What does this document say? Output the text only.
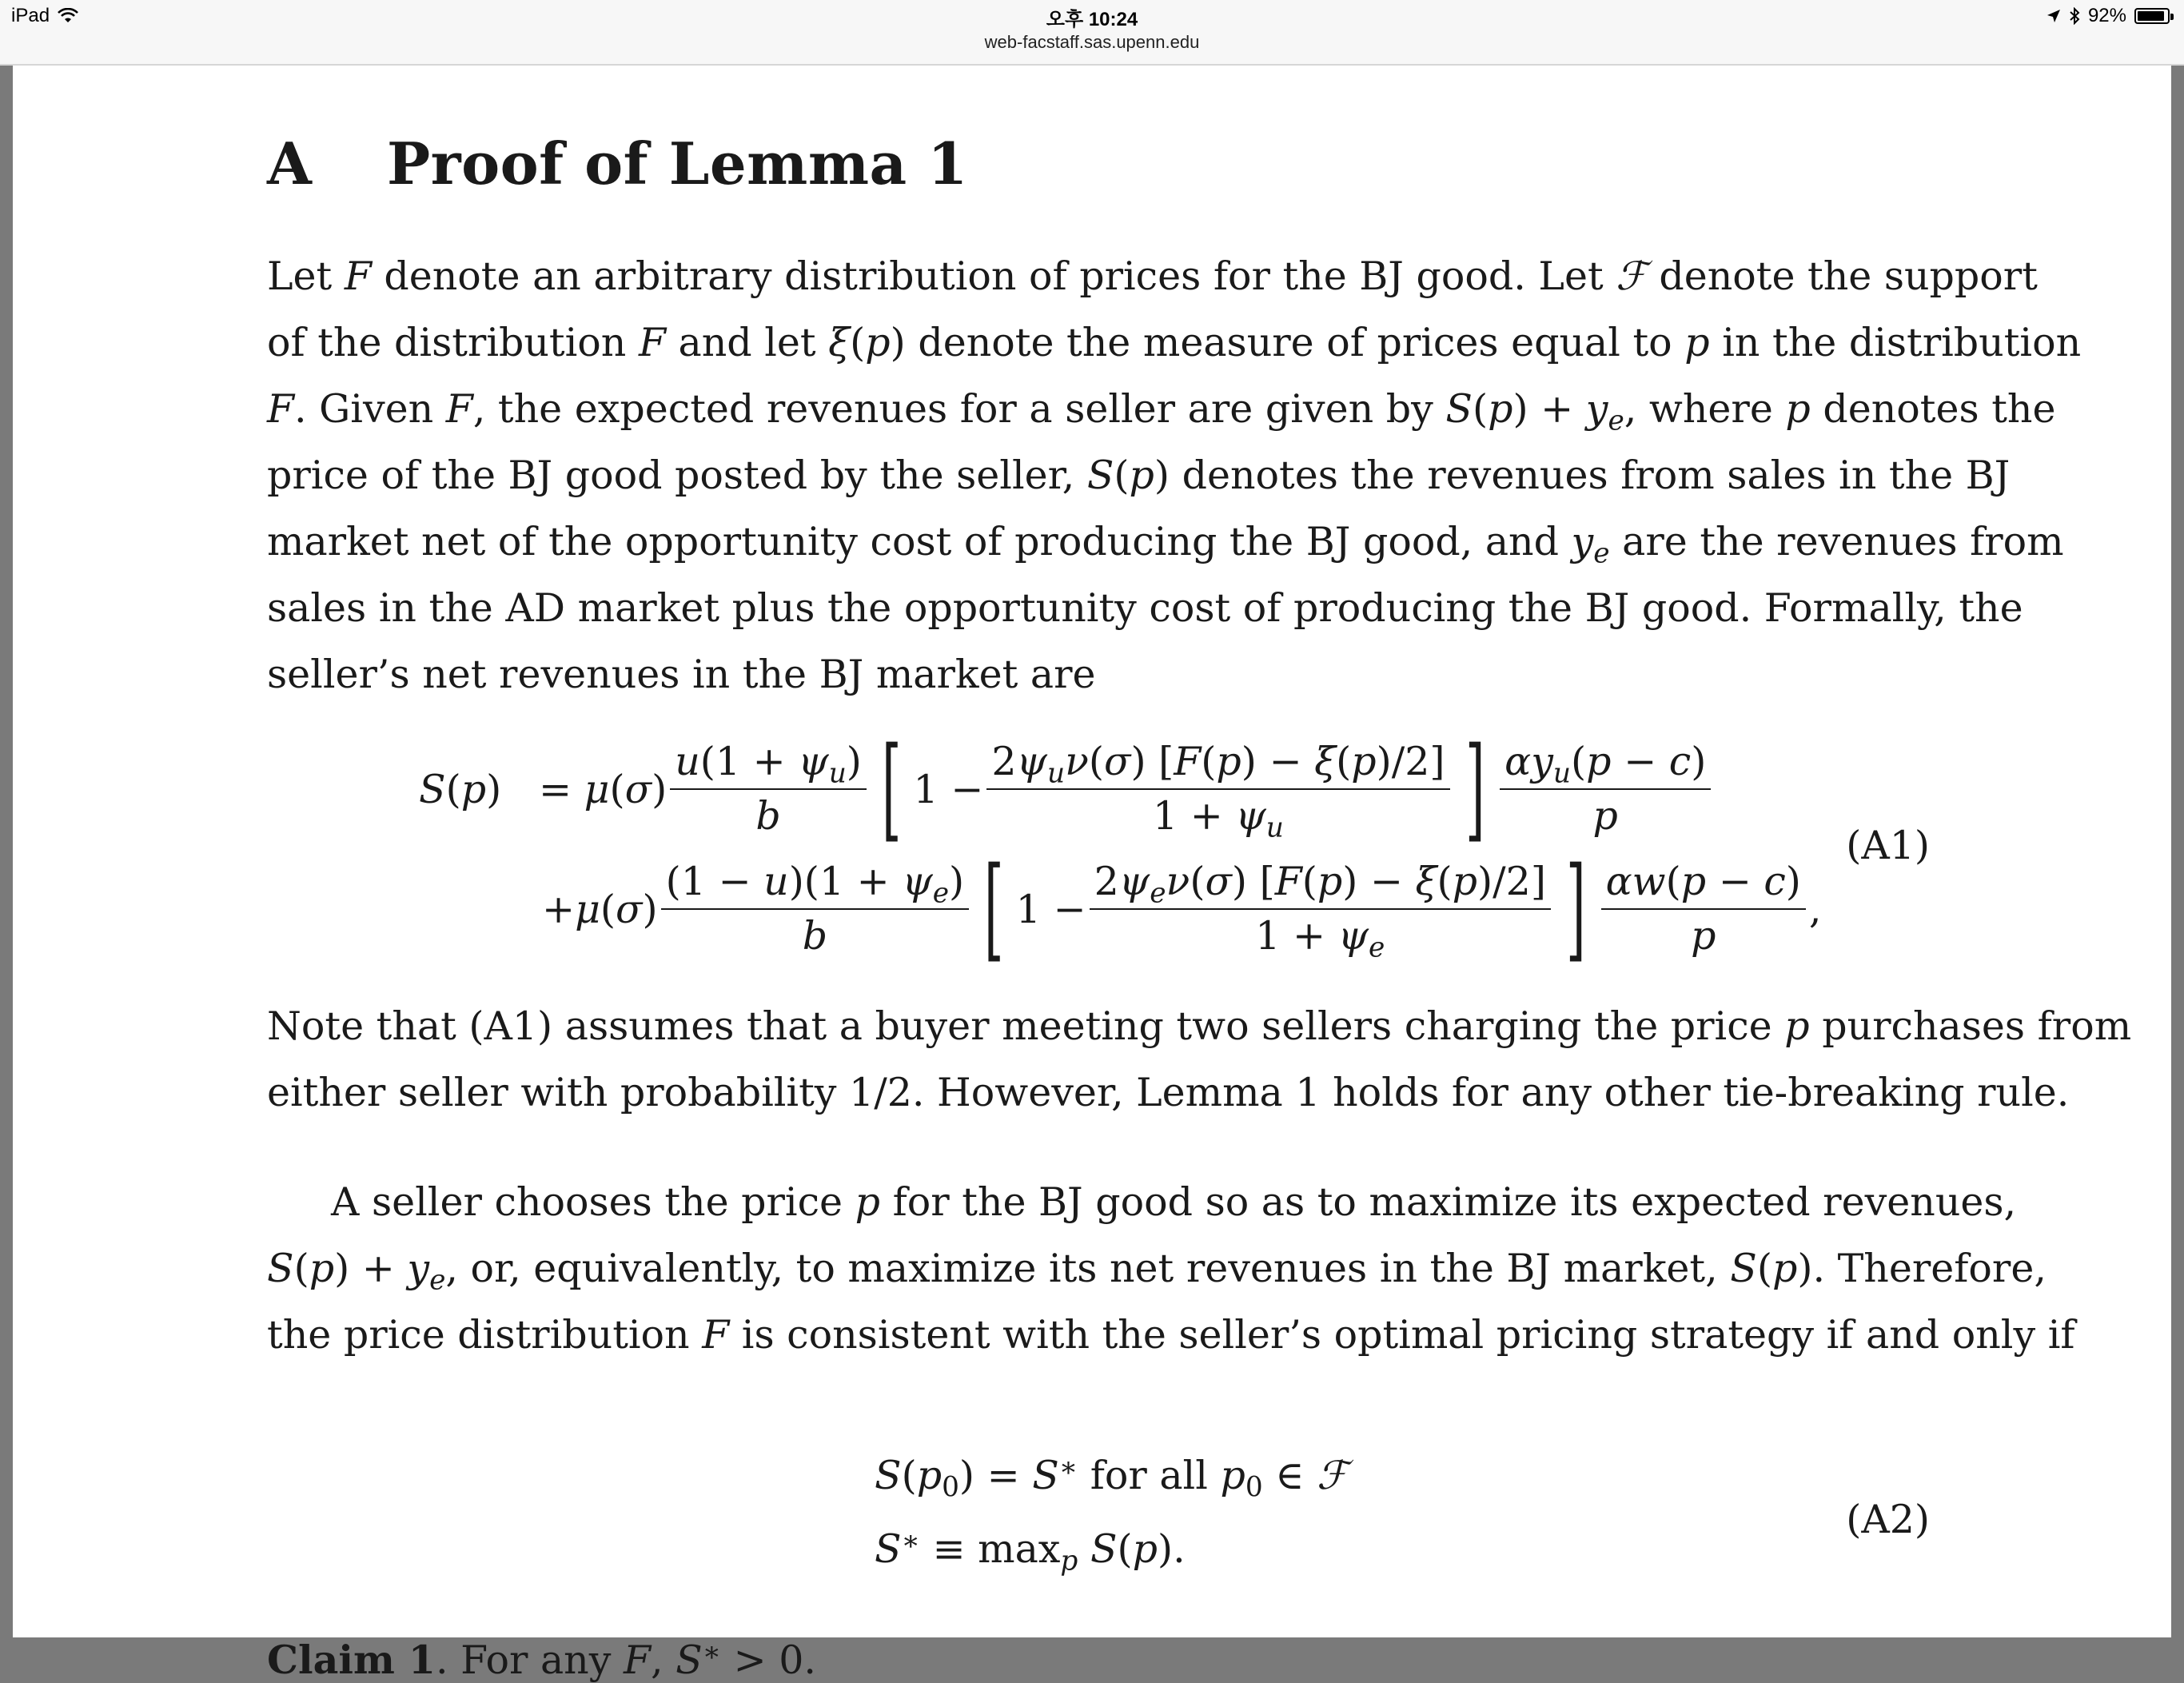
iPad	오후 10:24
web-facstaff.sas.upenn.edu
92%
A Proof of Lemma 1
Let F denote an arbitrary distribution of prices for the BJ good. Let ℱ denote the support
of the distribution F and let ξ(p) denote the measure of prices equal to p in the distribution
F. Given F, the expected revenues for a seller are given by $S(p) + y_e$, where p denotes the
price of the BJ good posted by the seller, S(p) denotes the revenues from sales in the BJ
market net of the opportunity cost of producing the BJ good, and $y_e$ are the revenues from
sales in the AD market plus the opportunity cost of producing the BJ good. Formally, the
seller’s net revenues in the BJ market are
$S(p) = \mu(\sigma) \frac{u(1 + \psi_u)}{b}$ [ $1 - \frac{2\psi_u\nu(\sigma) [F(p) - \xi(p)/2]}{1 + \psi_u}$ ] $\frac{\alpha y_u(p - c)}{p}$
$+\mu(\sigma) \frac{(1 - u)(1 + \psi_e)}{b}$ [ $1 - \frac{2\psi_e\nu(\sigma) [F(p) - \xi(p)/2]}{1 + \psi_e}$ ] $\frac{\alpha w(p - c)}{p}$ ,
(A1)
Note that (A1) assumes that a buyer meeting two sellers charging the price p purchases from
either seller with probability 1/2. However, Lemma 1 holds for any other tie-breaking rule.
A seller chooses the price p for the BJ good so as to maximize its expected revenues,
$S(p) + y_e$, or, equivalently, to maximize its net revenues in the BJ market, S(p). Therefore,
the price distribution F is consistent with the seller’s optimal pricing strategy if and only if
$S(p_0) = S^∗$ for all $p_0$ ∈ ℱ
$S^∗ \equiv \max_p S(p)$.
(A2)
Claim 1. For any F, S∗ > 0.
